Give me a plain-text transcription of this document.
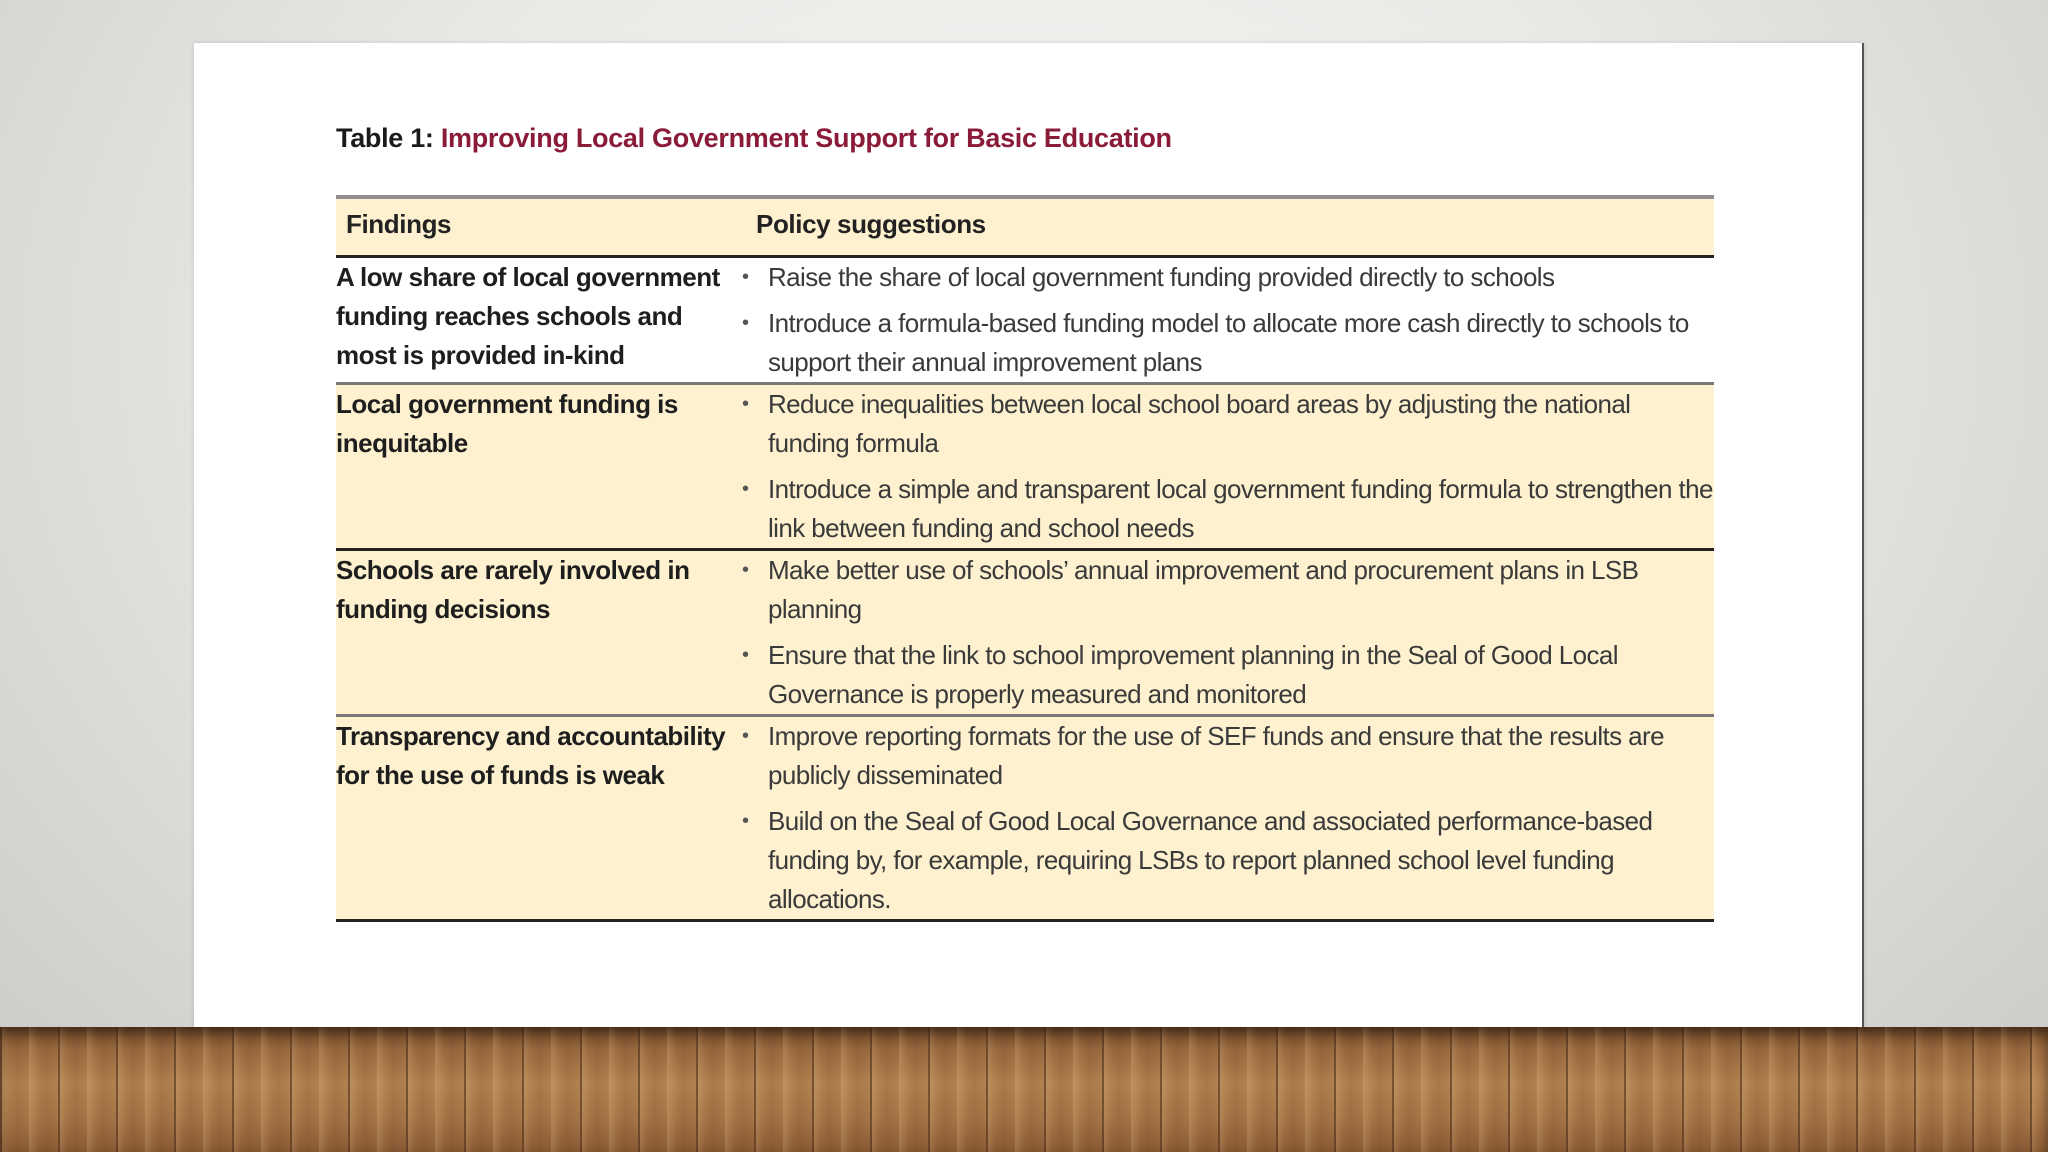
Table 1: Improving Local Government Support for Basic Education
Findings	Policy suggestions
A low share of local government funding reaches schools and most is provided in-kind	• Raise the share of local government funding provided directly to schools
• Introduce a formula-based funding model to allocate more cash directly to schools to support their annual improvement plans

Local government funding is inequitable	• Reduce inequalities between local school board areas by adjusting the national funding formula
• Introduce a simple and transparent local government funding formula to strengthen the link between funding and school needs

Schools are rarely involved in funding decisions	• Make better use of schools’ annual improvement and procurement plans in LSB planning
• Ensure that the link to school improvement planning in the Seal of Good Local Governance is properly measured and monitored

Transparency and accountability for the use of funds is weak	• Improve reporting formats for the use of SEF funds and ensure that the results are publicly disseminated
• Build on the Seal of Good Local Governance and associated performance-based funding by, for example, requiring LSBs to report planned school level funding allocations.
